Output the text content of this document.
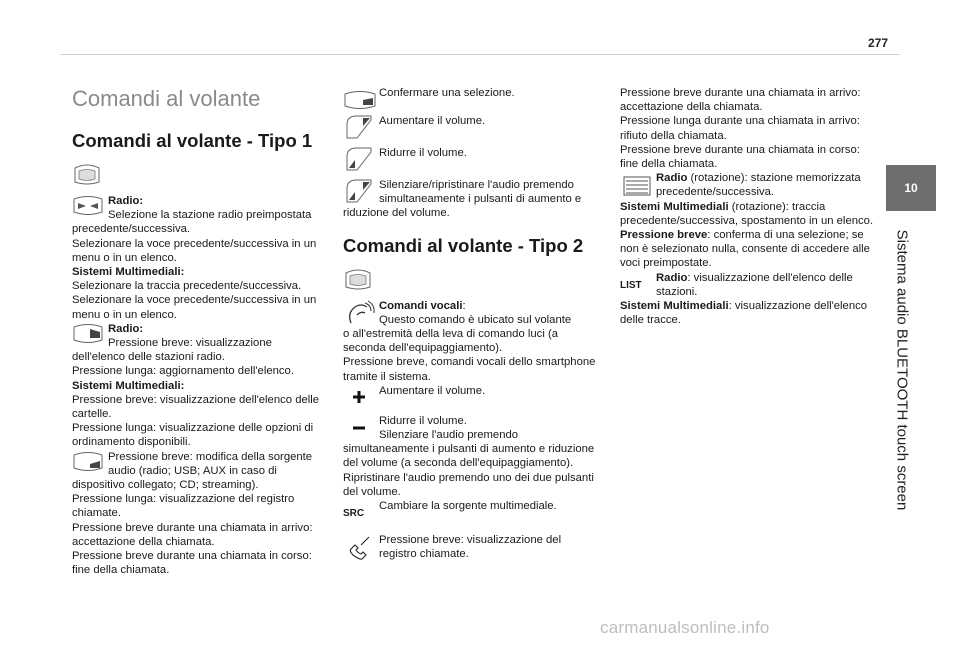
277
10
Sistema audio BLUETOOTH touch screen
Comandi al volante
Comandi al volante - Tipo 1
Radio:
Selezione la stazione radio preimpostata
precedente/successiva.
Selezionare la voce precedente/successiva in un menu o in un elenco.
Sistemi Multimediali:
Selezionare la traccia precedente/successiva.
Selezionare la voce precedente/successiva in un menu o in un elenco.
Radio:
Pressione breve: visualizzazione
dell'elenco delle stazioni radio.
Pressione lunga: aggiornamento dell'elenco.
Sistemi Multimediali:
Pressione breve: visualizzazione dell'elenco delle cartelle.
Pressione lunga: visualizzazione delle opzioni di ordinamento disponibili.
Pressione breve: modifica della sorgente
audio (radio; USB; AUX in caso di
dispositivo collegato; CD; streaming).
Pressione lunga: visualizzazione del registro chiamate.
Pressione breve durante una chiamata in arrivo: accettazione della chiamata.
Pressione breve durante una chiamata in corso: fine della chiamata.
Confermare una selezione.
Aumentare il volume.
Ridurre il volume.
Silenziare/ripristinare l'audio premendo
simultaneamente i pulsanti di aumento e
riduzione del volume.
Comandi al volante - Tipo 2
Comandi vocali:
Questo comando è ubicato sul volante
o all'estremità della leva di comando luci (a seconda dell'equipaggiamento).
Pressione breve, comandi vocali dello smartphone tramite il sistema.
Aumentare il volume.
Ridurre il volume.
Silenziare l'audio premendo
simultaneamente i pulsanti di aumento e riduzione del volume (a seconda dell'equipaggiamento).
Ripristinare l'audio premendo uno dei due pulsanti del volume.
SRC
Cambiare la sorgente multimediale.
Pressione breve: visualizzazione del
registro chiamate.
Pressione breve durante una chiamata in arrivo: accettazione della chiamata.
Pressione lunga durante una chiamata in arrivo: rifiuto della chiamata.
Pressione breve durante una chiamata in corso: fine della chiamata.
Radio (rotazione): stazione memorizzata
precedente/successiva.
Sistemi Multimediali (rotazione): traccia precedente/successiva, spostamento in un elenco.
Pressione breve: conferma di una selezione; se non è selezionato nulla, consente di accedere alle voci preimpostate.
LIST
Radio: visualizzazione dell'elenco delle
stazioni.
Sistemi Multimediali: visualizzazione dell'elenco delle tracce.
carmanualsonline.info
